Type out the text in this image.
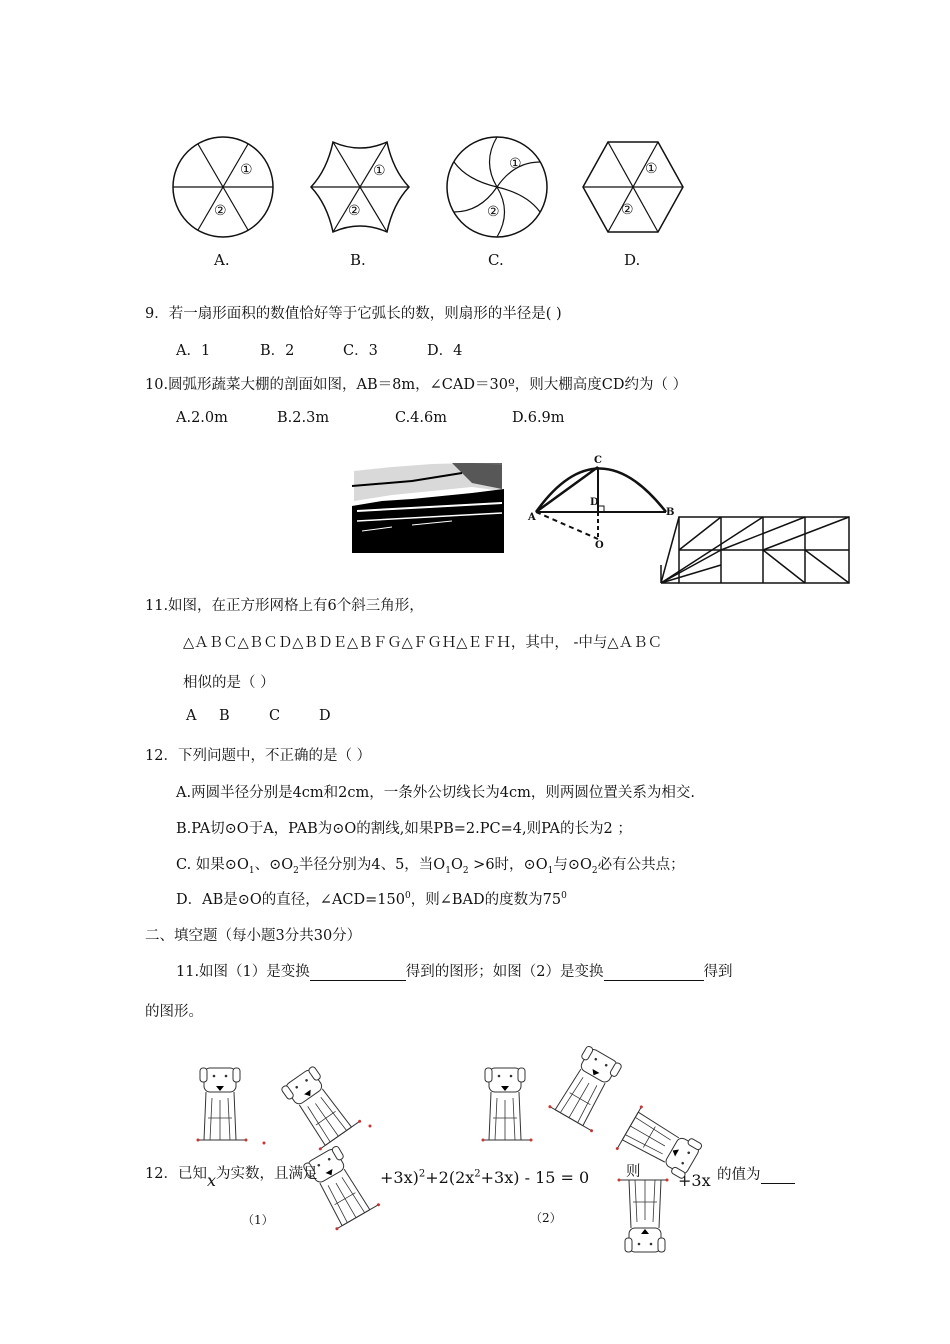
①
②
A.
①
②
B.
①
②
C.
①
②
D.
9．若一扇形面积的数值恰好等于它弧长的数，则扇形的半径是( )
A．1	B．2	C．3	D．4
10.圆弧形蔬菜大棚的剖面如图，AB＝8m，∠CAD＝30º，则大棚高度CD约为（ ）
A.2.0m	B.2.3m	C.4.6m	D.6.9m
C
D
A	B
O
11.如图，在正方形网格上有6个斜三角形，
△ＡＢＣ△ＢＣＤ△ＢＤＥ△ＢＦＧ△ＦＧＨ△ＥＦＨ，其中， -中与△ＡＢＣ
相似的是（ ）
A B	C	D
12．下列问题中，不正确的是（ ）
A.两圆半径分别是4cm和2cm，一条外公切线长为4cm，则两圆位置关系为相交.
B.PA切⊙O于A，PAB为⊙O的割线,如果PB=2.PC=4,则PA的长为2 ；
C. 如果$⊙O_1$、$⊙O_2$半径分别为4、5，当$O_1O_2 >6$时，$⊙O_1$与$⊙O_2$必有公共点；
D．AB是⊙O的直径，$\angle ACD=150^0$，则∠BAD的度数为$75^0$
二、填空题（每小题3分共30分）
11.如图（1）是变换	得到的图形；如图（2）是变换	得到
的图形。
12．已知x为实数，且满足	$+3x)^2+2(2x^2+3x) - 15 = 0$	则 +3x 的值为
（1）	（2）
